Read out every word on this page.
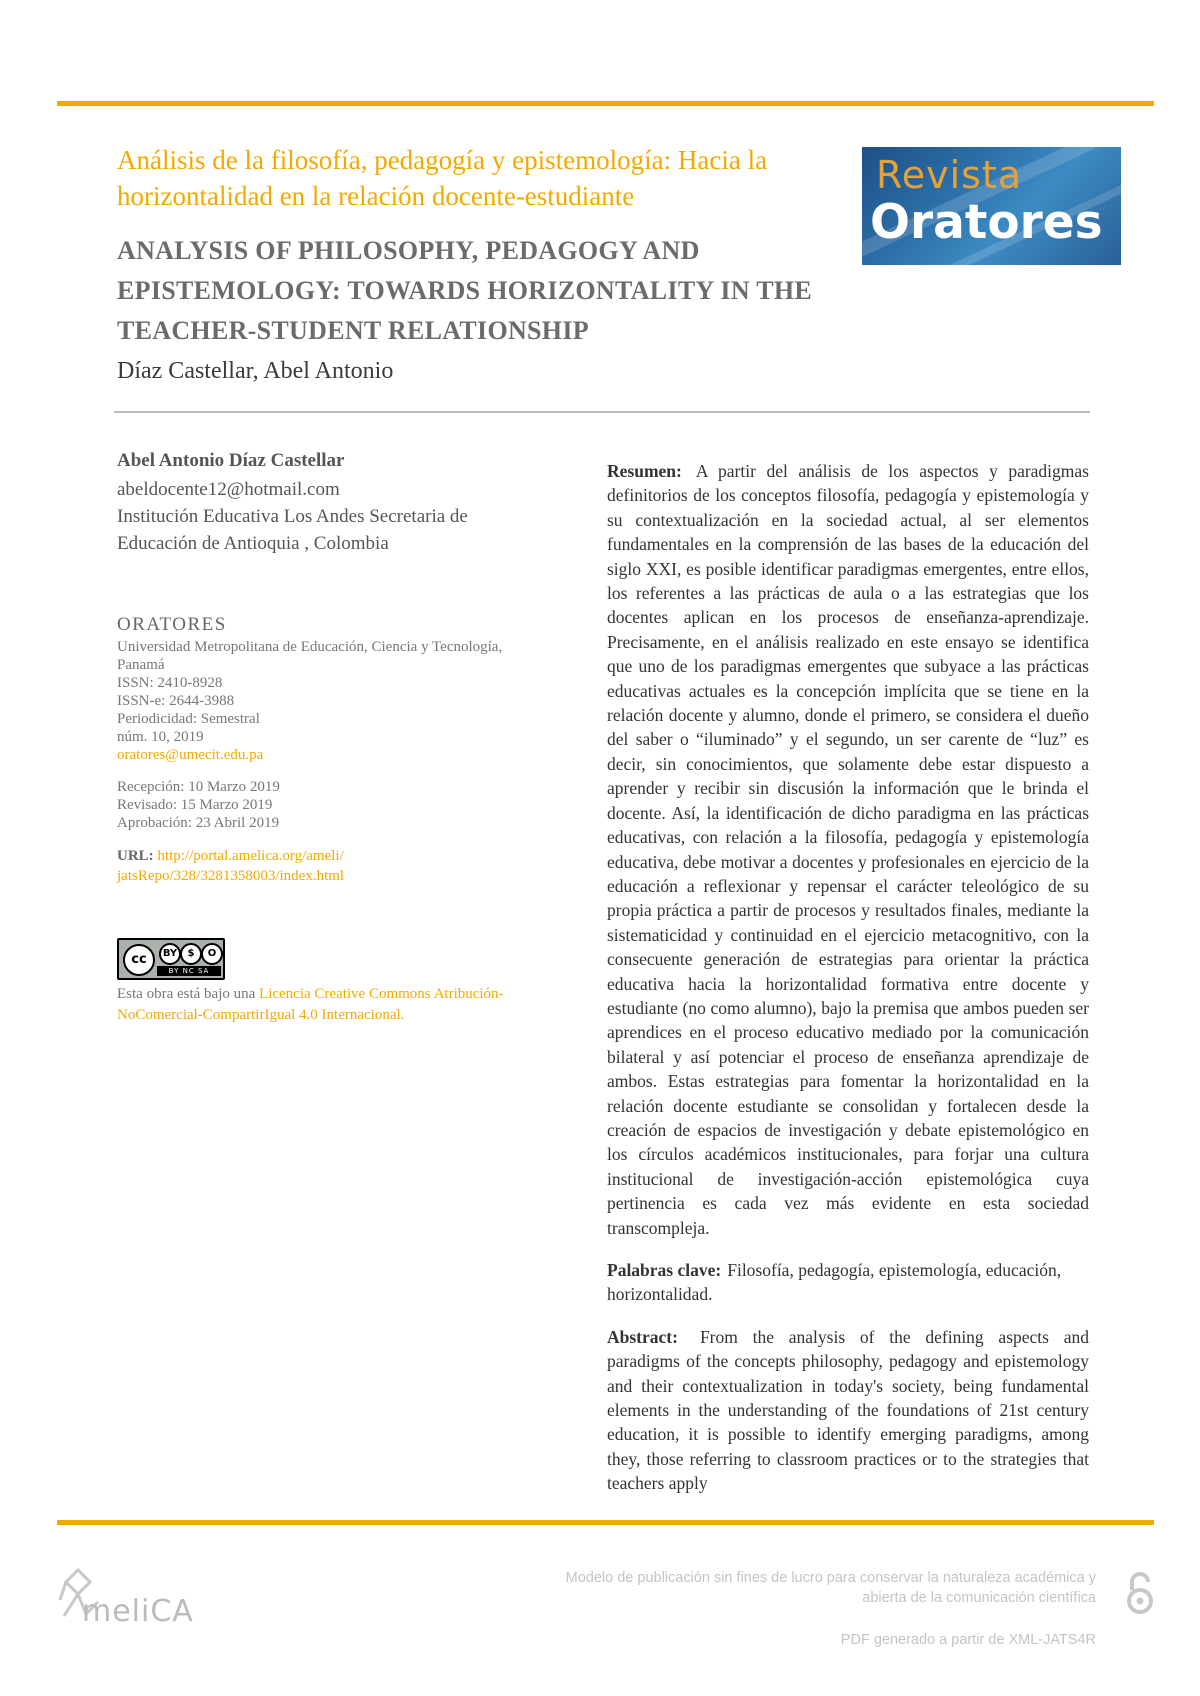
Análisis de la filosofía, pedagogía y epistemología: Hacia la horizontalidad en la relación docente-estudiante
ANALYSIS OF PHILOSOPHY, PEDAGOGY AND EPISTEMOLOGY: TOWARDS HORIZONTALITY IN THE TEACHER-STUDENT RELATIONSHIP
Díaz Castellar, Abel Antonio
Revista
Oratores
Abel Antonio Díaz Castellar
abeldocente12@hotmail.com
Institución Educativa Los Andes Secretaria de
Educación de Antioquia , Colombia
ORATORES
Universidad Metropolitana de Educación, Ciencia y Tecnología,
Panamá
ISSN: 2410-8928
ISSN-e: 2644-3988
Periodicidad: Semestral
núm. 10, 2019
oratores@umecit.edu.pa
Recepción: 10 Marzo 2019
Revisado: 15 Marzo 2019
Aprobación: 23 Abril 2019
URL: http://portal.amelica.org/ameli/
jatsRepo/328/3281358003/index.html
cc	BY	$	O
BY NC SA
Esta obra está bajo una Licencia Creative Commons Atribución-NoComercial-CompartirIgual 4.0 Internacional.

Resumen: A partir del análisis de los aspectos y paradigmas definitorios de los conceptos filosofía, pedagogía y epistemología y su contextualización en la sociedad actual, al ser elementos fundamentales en la comprensión de las bases de la educación del siglo XXI, es posible identificar paradigmas emergentes, entre ellos, los referentes a las prácticas de aula o a las estrategias que los docentes aplican en los procesos de enseñanza-aprendizaje. Precisamente, en el análisis realizado en este ensayo se identifica que uno de los paradigmas emergentes que subyace a las prácticas educativas actuales es la concepción implícita que se tiene en la relación docente y alumno, donde el primero, se considera el dueño del saber o “iluminado” y el segundo, un ser carente de “luz” es decir, sin conocimientos, que solamente debe estar dispuesto a aprender y recibir sin discusión la información que le brinda el docente. Así, la identificación de dicho paradigma en las prácticas educativas, con relación a la filosofía, pedagogía y epistemología educativa, debe motivar a docentes y profesionales en ejercicio de la educación a reflexionar y repensar el carácter teleológico de su propia práctica a partir de procesos y resultados finales, mediante la sistematicidad y continuidad en el ejercicio metacognitivo, con la consecuente generación de estrategias para orientar la práctica educativa hacia la horizontalidad formativa entre docente y estudiante (no como alumno), bajo la premisa que ambos pueden ser aprendices en el proceso educativo mediado por la comunicación bilateral y así potenciar el proceso de enseñanza aprendizaje de ambos. Estas estrategias para fomentar la horizontalidad en la relación docente estudiante se consolidan y fortalecen desde la creación de espacios de investigación y debate epistemológico en los círculos académicos institucionales, para forjar una cultura institucional de investigación-acción epistemológica cuya pertinencia es cada vez más evidente en esta sociedad transcompleja.

Palabras clave: Filosofía, pedagogía, epistemología, educación, horizontalidad.

Abstract: From the analysis of the defining aspects and paradigms of the concepts philosophy, pedagogy and epistemology and their contextualization in today's society, being fundamental elements in the understanding of the foundations of 21st century education, it is possible to identify emerging paradigms, among they, those referring to classroom practices or to the strategies that teachers apply

meliCA
Modelo de publicación sin fines de lucro para conservar la naturaleza académica y
abierta de la comunicación científica
PDF generado a partir de XML-JATS4R
